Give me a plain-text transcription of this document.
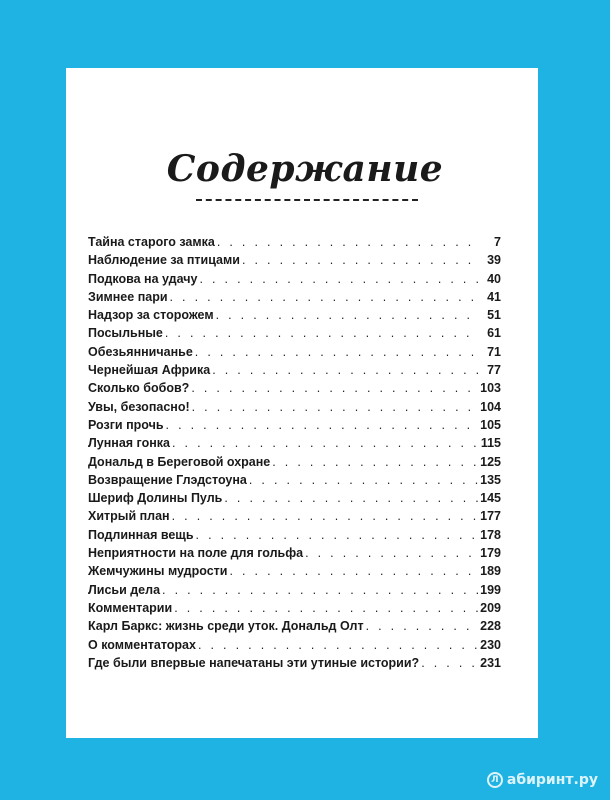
Содержание
Тайна старого замка . . .	7
Наблюдение за птицами . . .	39
Подкова на удачу . . .	40
Зимнее пари . . .	41
Надзор за сторожем . . .	51
Посыльные . . .	61
Обезьянничанье . . .	71
Чернейшая Африка . . .	77
Сколько бобов? . . .	103
Увы, безопасно! . . .	104
Розги прочь . . .	105
Лунная гонка . . .	115
Дональд в Береговой охране . . .	125
Возвращение Глэдстоуна . . .	135
Шериф Долины Пуль . . .	145
Хитрый план . . .	177
Подлинная вещь . . .	178
Неприятности на поле для гольфа . . .	179
Жемчужины мудрости . . .	189
Лисьи дела . . .	199
Комментарии . . .	209
Карл Баркс: жизнь среди уток. Дональд Олт . . .	228
О комментаторах . . .	230
Где были впервые напечатаны эти утиные истории? . . .	231
Л абиринт.ру
